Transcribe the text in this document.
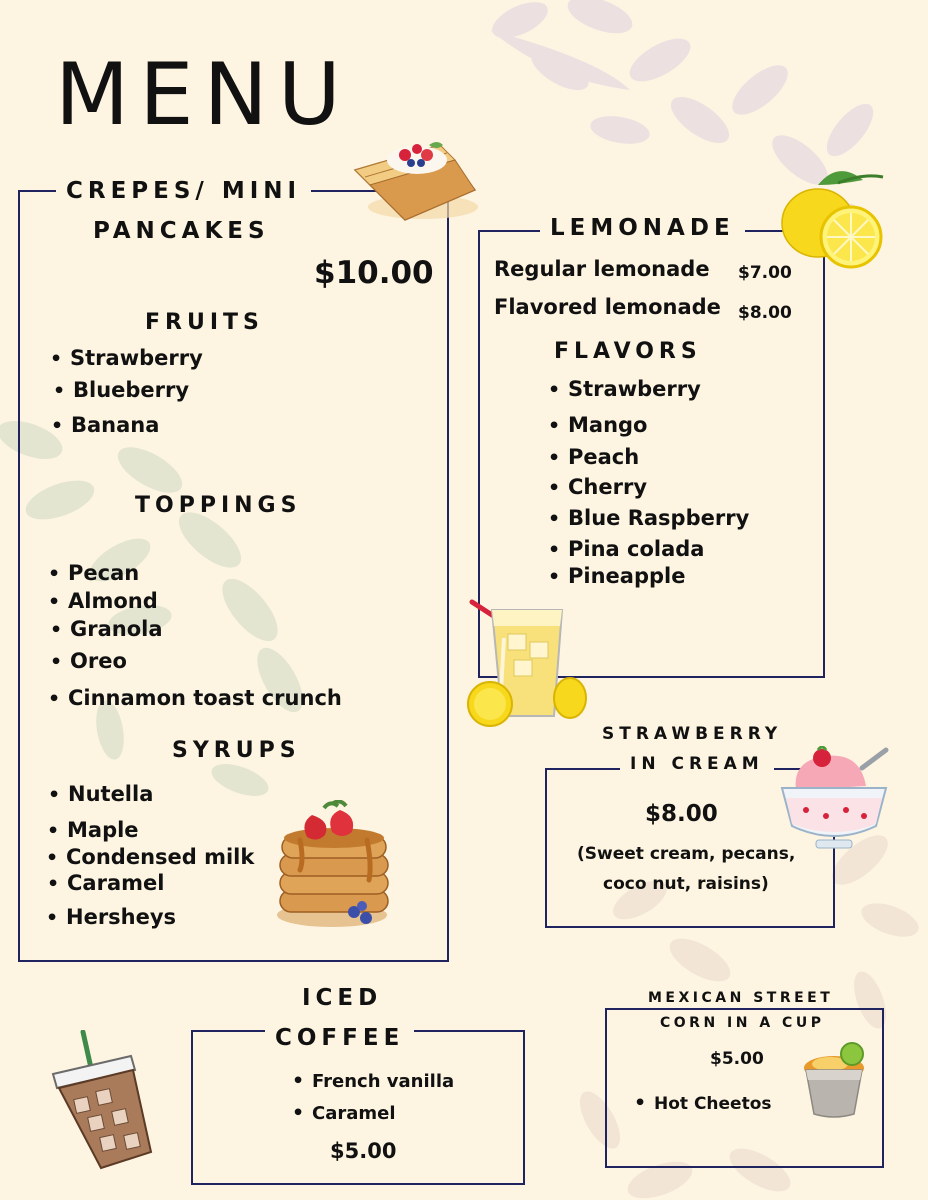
MENU
CREPES/ MINI
PANCAKES
$10.00
FRUITS
• Strawberry
• Blueberry
• Banana
TOPPINGS
• Pecan
• Almond
• Granola
• Oreo
• Cinnamon toast crunch
SYRUPS
• Nutella
• Maple
• Condensed milk
• Caramel
• Hersheys
LEMONADE
Regular lemonade $7.00
Flavored lemonade $8.00
FLAVORS
• Strawberry
• Mango
• Peach
• Cherry
• Blue Raspberry
• Pina colada
• Pineapple
STRAWBERRY
IN CREAM
$8.00
(Sweet cream, pecans,
coco nut, raisins)
ICED
COFFEE
• French vanilla
• Caramel
$5.00
MEXICAN STREET
CORN IN A CUP
$5.00
• Hot Cheetos
